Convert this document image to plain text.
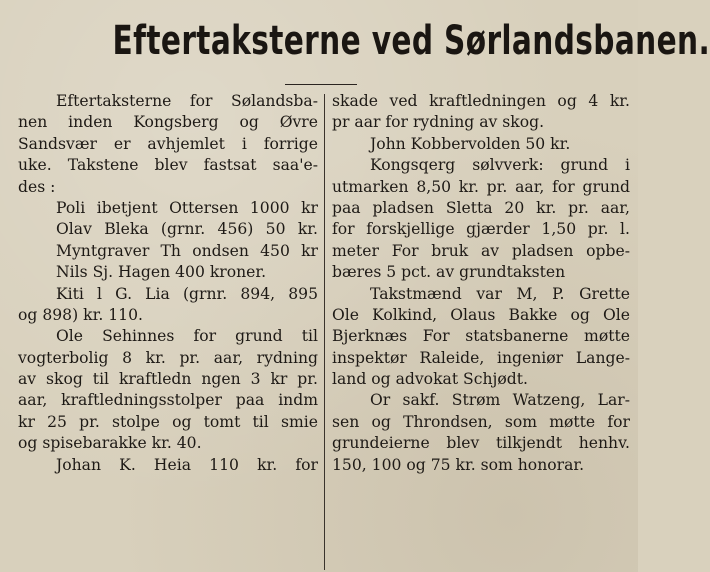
Eftertaksterne ved Sørlandsbanen.
Eftertaksterne for Sølandsba-
nen inden Kongsberg og Øvre
Sandsvær er avhjemlet i forrige
uke. Takstene blev fastsat saa'e-
des :
Poli ibetjent Ottersen 1000 kr
Olav Bleka (grnr. 456) 50 kr.
Myntgraver Th ondsen 450 kr
Nils Sj. Hagen 400 kroner.
Kiti l G. Lia (grnr. 894, 895
og 898) kr. 110.
Ole Sehinnes for grund til
vogterbolig 8 kr. pr. aar, rydning
av skog til kraftledn ngen 3 kr pr.
aar, kraftledningsstolper paa indm
kr 25 pr. stolpe og tomt til smie
og spisebarakke kr. 40.
Johan K. Heia 110 kr. for
skade ved kraftledningen og 4 kr.
pr aar for rydning av skog.
John Kobbervolden 50 kr.
Kongsqerg sølvverk: grund i
utmarken 8,50 kr. pr. aar, for grund
paa pladsen Sletta 20 kr. pr. aar,
for forskjellige gjærder 1,50 pr. l.
meter For bruk av pladsen opbe-
bæres 5 pct. av grundtaksten
Takstmænd var M, P. Grette
Ole Kolkind, Olaus Bakke og Ole
Bjerknæs For statsbanerne møtte
inspektør Raleide, ingeniør Lange-
land og advokat Schjødt.
Or sakf. Strøm Watzeng, Lar-
sen og Throndsen, som møtte for
grundeierne blev tilkjendt henhv.
150, 100 og 75 kr. som honorar.
